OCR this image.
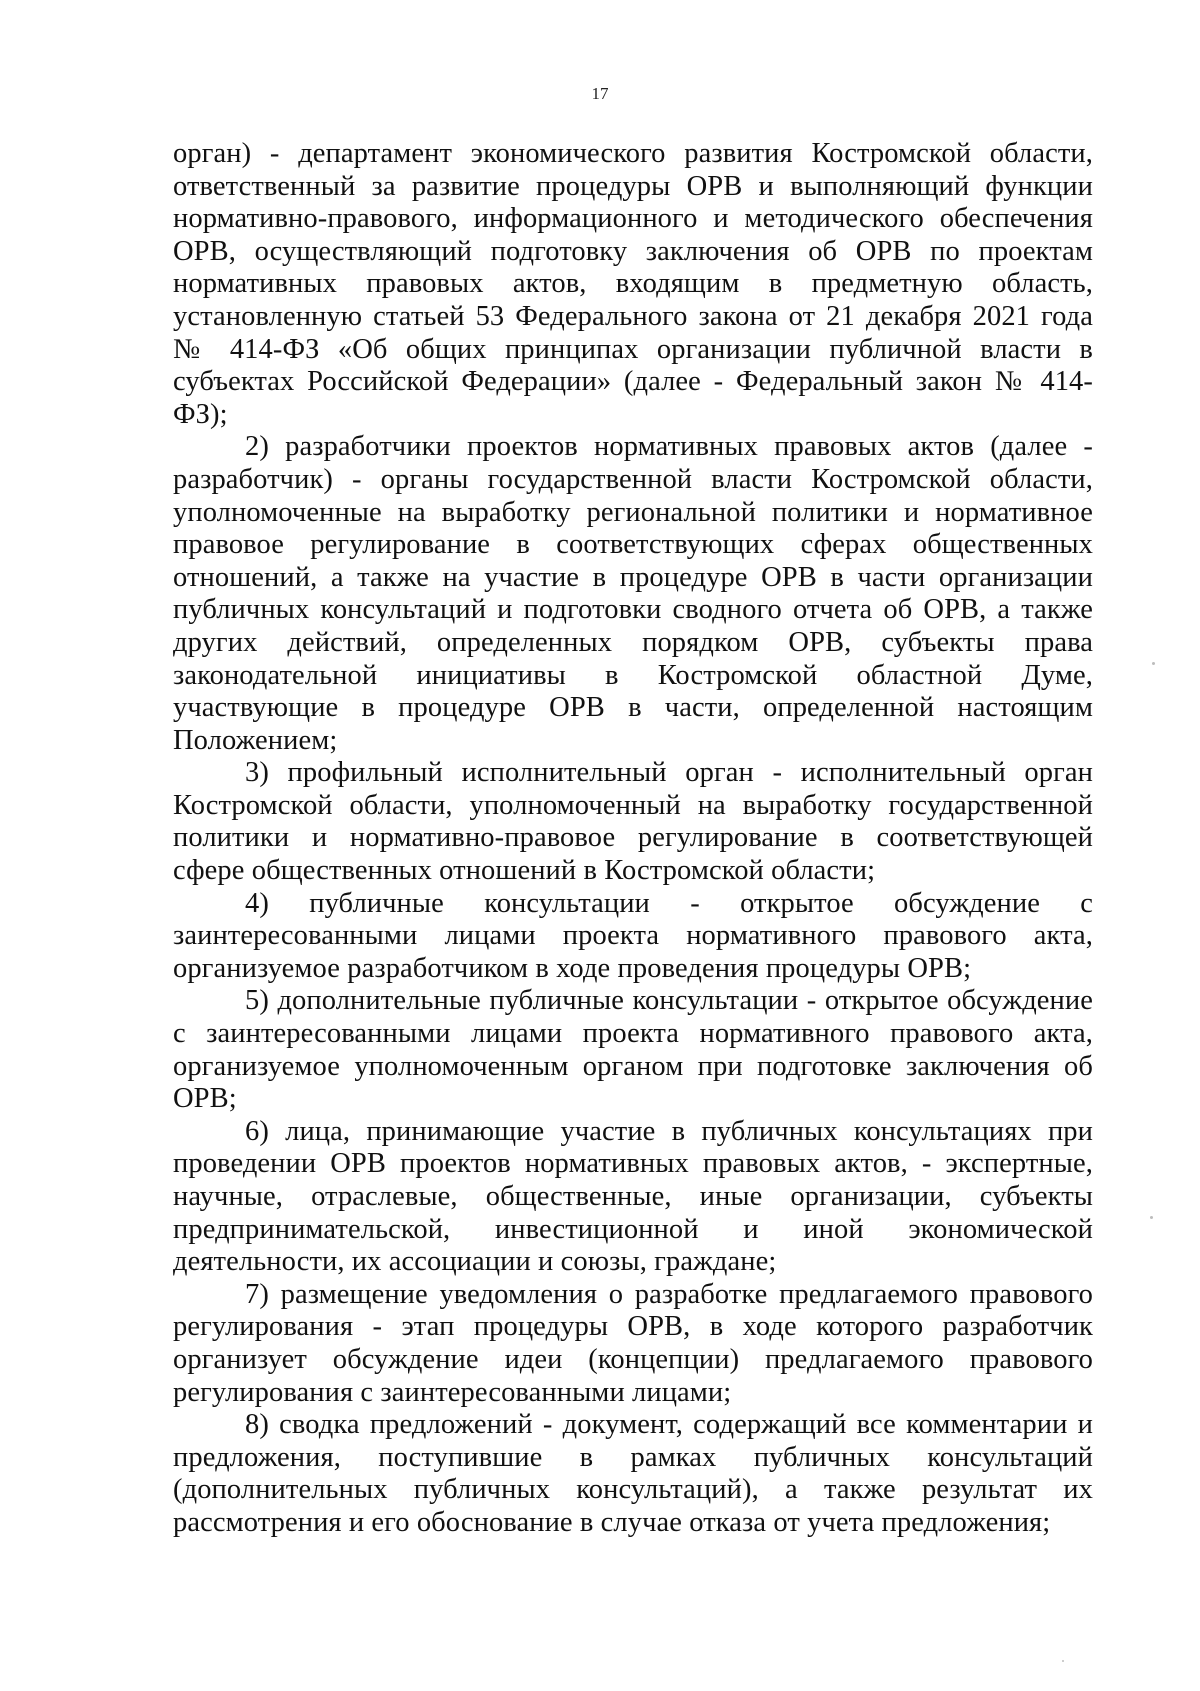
17

орган) - департамент экономического развития Костромской области, ответственный за развитие процедуры ОРВ и выполняющий функции нормативно-правового, информационного и методического обеспечения ОРВ, осуществляющий подготовку заключения об ОРВ по проектам нормативных правовых актов, входящим в предметную область, установленную статьей 53 Федерального закона от 21 декабря 2021 года № 414-ФЗ «Об общих принципах организации публичной власти в субъектах Российской Федерации» (далее - Федеральный закон № 414-ФЗ);

2) разработчики проектов нормативных правовых актов (далее - разработчик) - органы государственной власти Костромской области, уполномоченные на выработку региональной политики и нормативное правовое регулирование в соответствующих сферах общественных отношений, а также на участие в процедуре ОРВ в части организации публичных консультаций и подготовки сводного отчета об ОРВ, а также других действий, определенных порядком ОРВ, субъекты права законодательной инициативы в Костромской областной Думе, участвующие в процедуре ОРВ в части, определенной настоящим Положением;

3) профильный исполнительный орган - исполнительный орган Костромской области, уполномоченный на выработку государственной политики и нормативно-правовое регулирование в соответствующей сфере общественных отношений в Костромской области;

4) публичные консультации - открытое обсуждение с заинтересованными лицами проекта нормативного правового акта, организуемое разработчиком в ходе проведения процедуры ОРВ;

5) дополнительные публичные консультации - открытое обсуждение с заинтересованными лицами проекта нормативного правового акта, организуемое уполномоченным органом при подготовке заключения об ОРВ;

6) лица, принимающие участие в публичных консультациях при проведении ОРВ проектов нормативных правовых актов, - экспертные, научные, отраслевые, общественные, иные организации, субъекты предпринимательской, инвестиционной и иной экономической деятельности, их ассоциации и союзы, граждане;

7) размещение уведомления о разработке предлагаемого правового регулирования - этап процедуры ОРВ, в ходе которого разработчик организует обсуждение идеи (концепции) предлагаемого правового регулирования с заинтересованными лицами;

8) сводка предложений - документ, содержащий все комментарии и предложения, поступившие в рамках публичных консультаций (дополнительных публичных консультаций), а также результат их рассмотрения и его обоснование в случае отказа от учета предложения;
